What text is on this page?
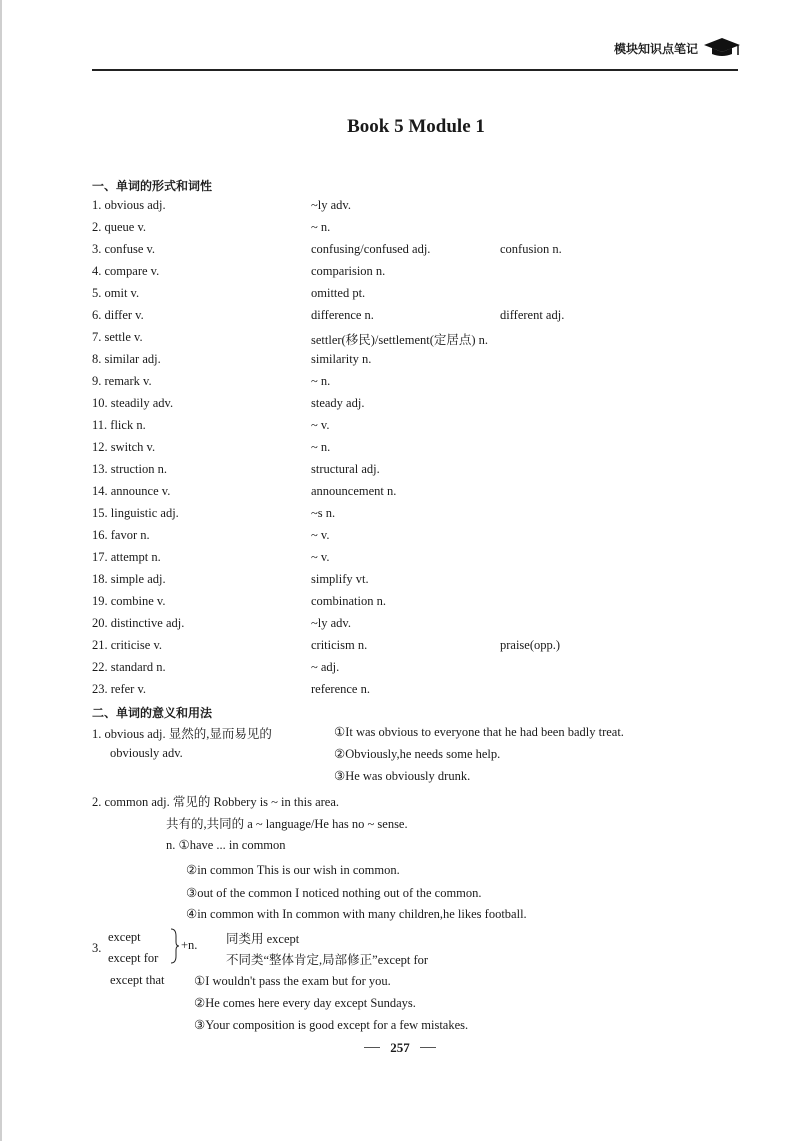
模块知识点笔记
Book 5 Module 1
一、单词的形式和词性
1. obvious adj.	~ly adv.
2. queue v.	~ n.
3. confuse v.	confusing/confused adj.	confusion n.
4. compare v.	comparision n.
5. omit v.	omitted pt.
6. differ v.	difference n.	different adj.
7. settle v.	settler(移民)/settlement(定居点) n.
8. similar adj.	similarity n.
9. remark v.	~ n.
10. steadily adv.	steady adj.
11. flick n.	~ v.
12. switch v.	~ n.
13. struction n.	structural adj.
14. announce v.	announcement n.
15. linguistic adj.	~s n.
16. favor n.	~ v.
17. attempt n.	~ v.
18. simple adj.	simplify vt.
19. combine v.	combination n.
20. distinctive adj.	~ly adv.
21. criticise v.	criticism n.	praise(opp.)
22. standard n.	~ adj.
23. refer v.	reference n.
二、单词的意义和用法
1. obvious adj. 显然的,显而易见的
obviously adv.
①It was obvious to everyone that he had been badly treat.
②Obviously,he needs some help.
③He was obviously drunk.
2. common adj. 常见的 Robbery is ~ in this area.
共有的,共同的 a ~ language/He has no ~ sense.
n. ①have ... in common
②in common This is our wish in common.
③out of the common I noticed nothing out of the common.
④in common with In common with many children,he likes football.
3.
except
except for
+n. 同类用 except
不同类“整体肯定,局部修正”except for
except that ①I wouldn't pass the exam but for you.
②He comes here every day except Sundays.
③Your composition is good except for a few mistakes.
257
